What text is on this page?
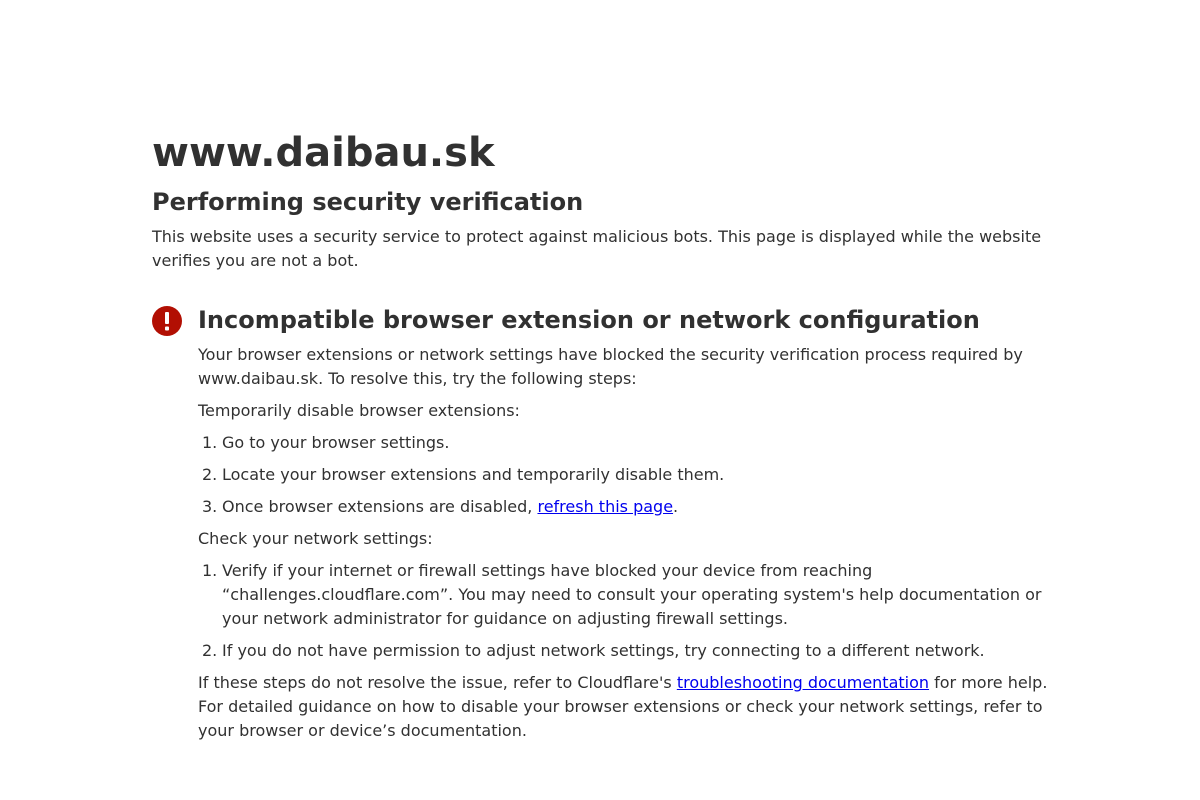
www.daibau.sk
Performing security verification

This website uses a security service to protect against malicious bots. This page is displayed while the website verifies you are not a bot.

Incompatible browser extension or network configuration

Your browser extensions or network settings have blocked the security verification process required by www.daibau.sk. To resolve this, try the following steps:

Temporarily disable browser extensions:

1. Go to your browser settings.
2. Locate your browser extensions and temporarily disable them.
3. Once browser extensions are disabled, refresh this page.

Check your network settings:

1. Verify if your internet or firewall settings have blocked your device from reaching “challenges.cloudflare.com”. You may need to consult your operating system's help documentation or your network administrator for guidance on adjusting firewall settings.
2. If you do not have permission to adjust network settings, try connecting to a different network.

If these steps do not resolve the issue, refer to Cloudflare's troubleshooting documentation for more help. For detailed guidance on how to disable your browser extensions or check your network settings, refer to your browser or device’s documentation.
